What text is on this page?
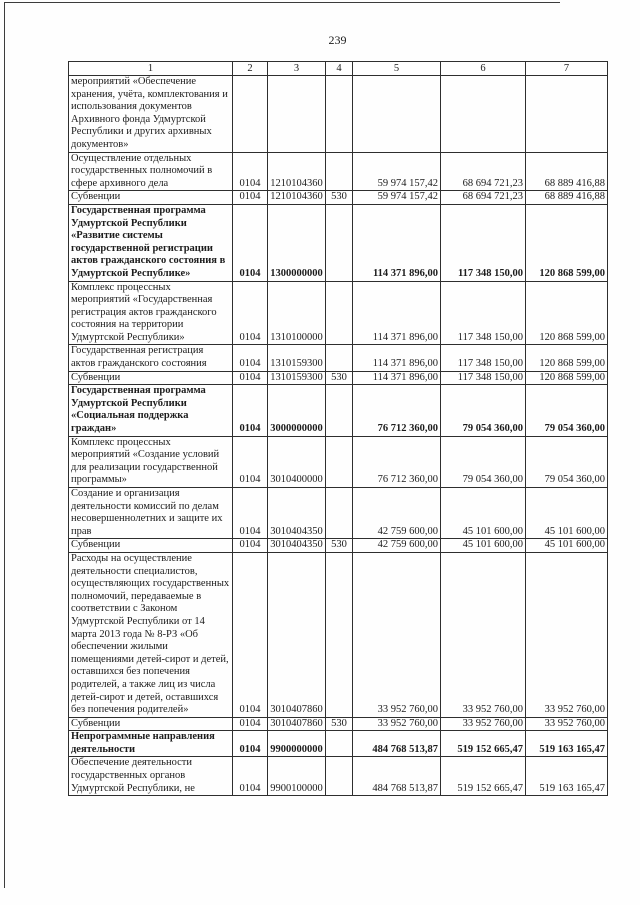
239
1	2	3	4	5	6	7
мероприятий «Обеспечение хранения, учёта, комплектования и использования документов Архивного фонда Удмуртской Республики и других архивных документов»						
Осуществление отдельных государственных полномочий в сфере архивного дела	0104	1210104360		59 974 157,42	68 694 721,23	68 889 416,88
Субвенции	0104	1210104360	530	59 974 157,42	68 694 721,23	68 889 416,88
Государственная программа Удмуртской Республики «Развитие системы государственной регистрации актов гражданского состояния в Удмуртской Республике»	0104	1300000000		114 371 896,00	117 348 150,00	120 868 599,00
Комплекс процессных мероприятий «Государственная регистрация актов гражданского состояния на территории Удмуртской Республики»	0104	1310100000		114 371 896,00	117 348 150,00	120 868 599,00
Государственная регистрация актов гражданского состояния	0104	1310159300		114 371 896,00	117 348 150,00	120 868 599,00
Субвенции	0104	1310159300	530	114 371 896,00	117 348 150,00	120 868 599,00
Государственная программа Удмуртской Республики «Социальная поддержка граждан»	0104	3000000000		76 712 360,00	79 054 360,00	79 054 360,00
Комплекс процессных мероприятий «Создание условий для реализации государственной программы»	0104	3010400000		76 712 360,00	79 054 360,00	79 054 360,00
Создание и организация деятельности комиссий по делам несовершеннолетних и защите их прав	0104	3010404350		42 759 600,00	45 101 600,00	45 101 600,00
Субвенции	0104	3010404350	530	42 759 600,00	45 101 600,00	45 101 600,00
Расходы на осуществление деятельности специалистов, осуществляющих государственных полномочий, передаваемые в соответствии с Законом Удмуртской Республики от 14 марта 2013 года № 8-РЗ «Об обеспечении жилыми помещениями детей-сирот и детей, оставшихся без попечения родителей, а также лиц из числа детей-сирот и детей, оставшихся без попечения родителей»	0104	3010407860		33 952 760,00	33 952 760,00	33 952 760,00
Субвенции	0104	3010407860	530	33 952 760,00	33 952 760,00	33 952 760,00
Непрограммные направления деятельности	0104	9900000000		484 768 513,87	519 152 665,47	519 163 165,47
Обеспечение деятельности государственных органов Удмуртской Республики, не	0104	9900100000		484 768 513,87	519 152 665,47	519 163 165,47
